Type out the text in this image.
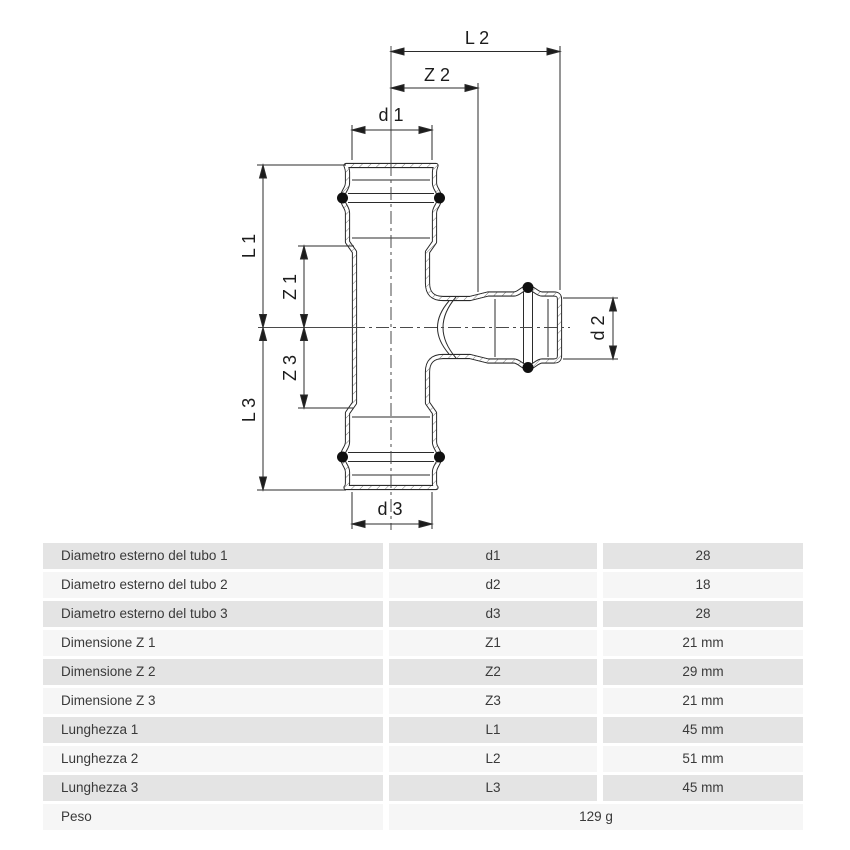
L 2
Z 2
d 1
d 3
L 1
Z 1
Z 3
L 3
d 2
Diametro esterno del tubo 1	d1	28
Diametro esterno del tubo 2	d2	18
Diametro esterno del tubo 3	d3	28
Dimensione Z 1	Z1	21 mm
Dimensione Z 2	Z2	29 mm
Dimensione Z 3	Z3	21 mm
Lunghezza 1	L1	45 mm
Lunghezza 2	L2	51 mm
Lunghezza 3	L3	45 mm
Peso	129 g
